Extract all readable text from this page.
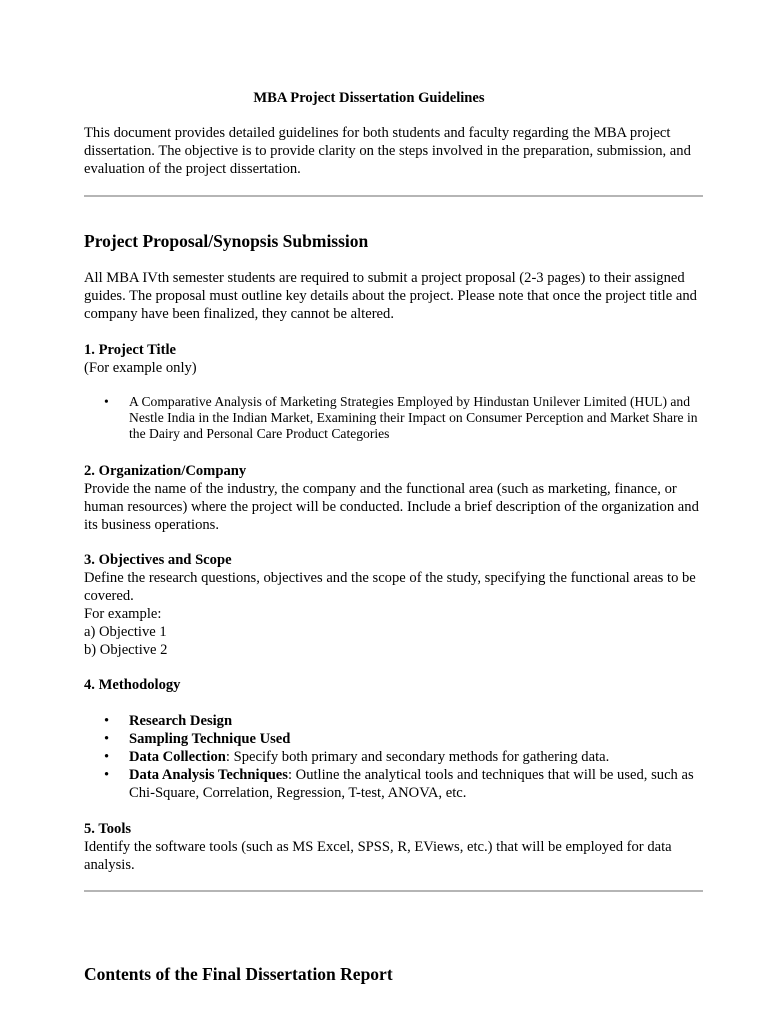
MBA Project Dissertation Guidelines

This document provides detailed guidelines for both students and faculty regarding the MBA project dissertation. The objective is to provide clarity on the steps involved in the preparation, submission, and evaluation of the project dissertation.

Project Proposal/Synopsis Submission

All MBA IVth semester students are required to submit a project proposal (2-3 pages) to their assigned guides. The proposal must outline key details about the project. Please note that once the project title and company have been finalized, they cannot be altered.

1. Project Title
(For example only)
• A Comparative Analysis of Marketing Strategies Employed by Hindustan Unilever Limited (HUL) and Nestle India in the Indian Market, Examining their Impact on Consumer Perception and Market Share in the Dairy and Personal Care Product Categories
2. Organization/Company

Provide the name of the industry, the company and the functional area (such as marketing, finance, or human resources) where the project will be conducted. Include a brief description of the organization and its business operations.

3. Objectives and Scope

Define the research questions, objectives and the scope of the study, specifying the functional areas to be covered.

For example:
a) Objective 1
b) Objective 2
4. Methodology
• Research Design
• Sampling Technique Used
• Data Collection: Specify both primary and secondary methods for gathering data.
• Data Analysis Techniques: Outline the analytical tools and techniques that will be used, such as Chi-Square, Correlation, Regression, T-test, ANOVA, etc.
5. Tools

Identify the software tools (such as MS Excel, SPSS, R, EViews, etc.) that will be employed for data analysis.

Contents of the Final Dissertation Report
